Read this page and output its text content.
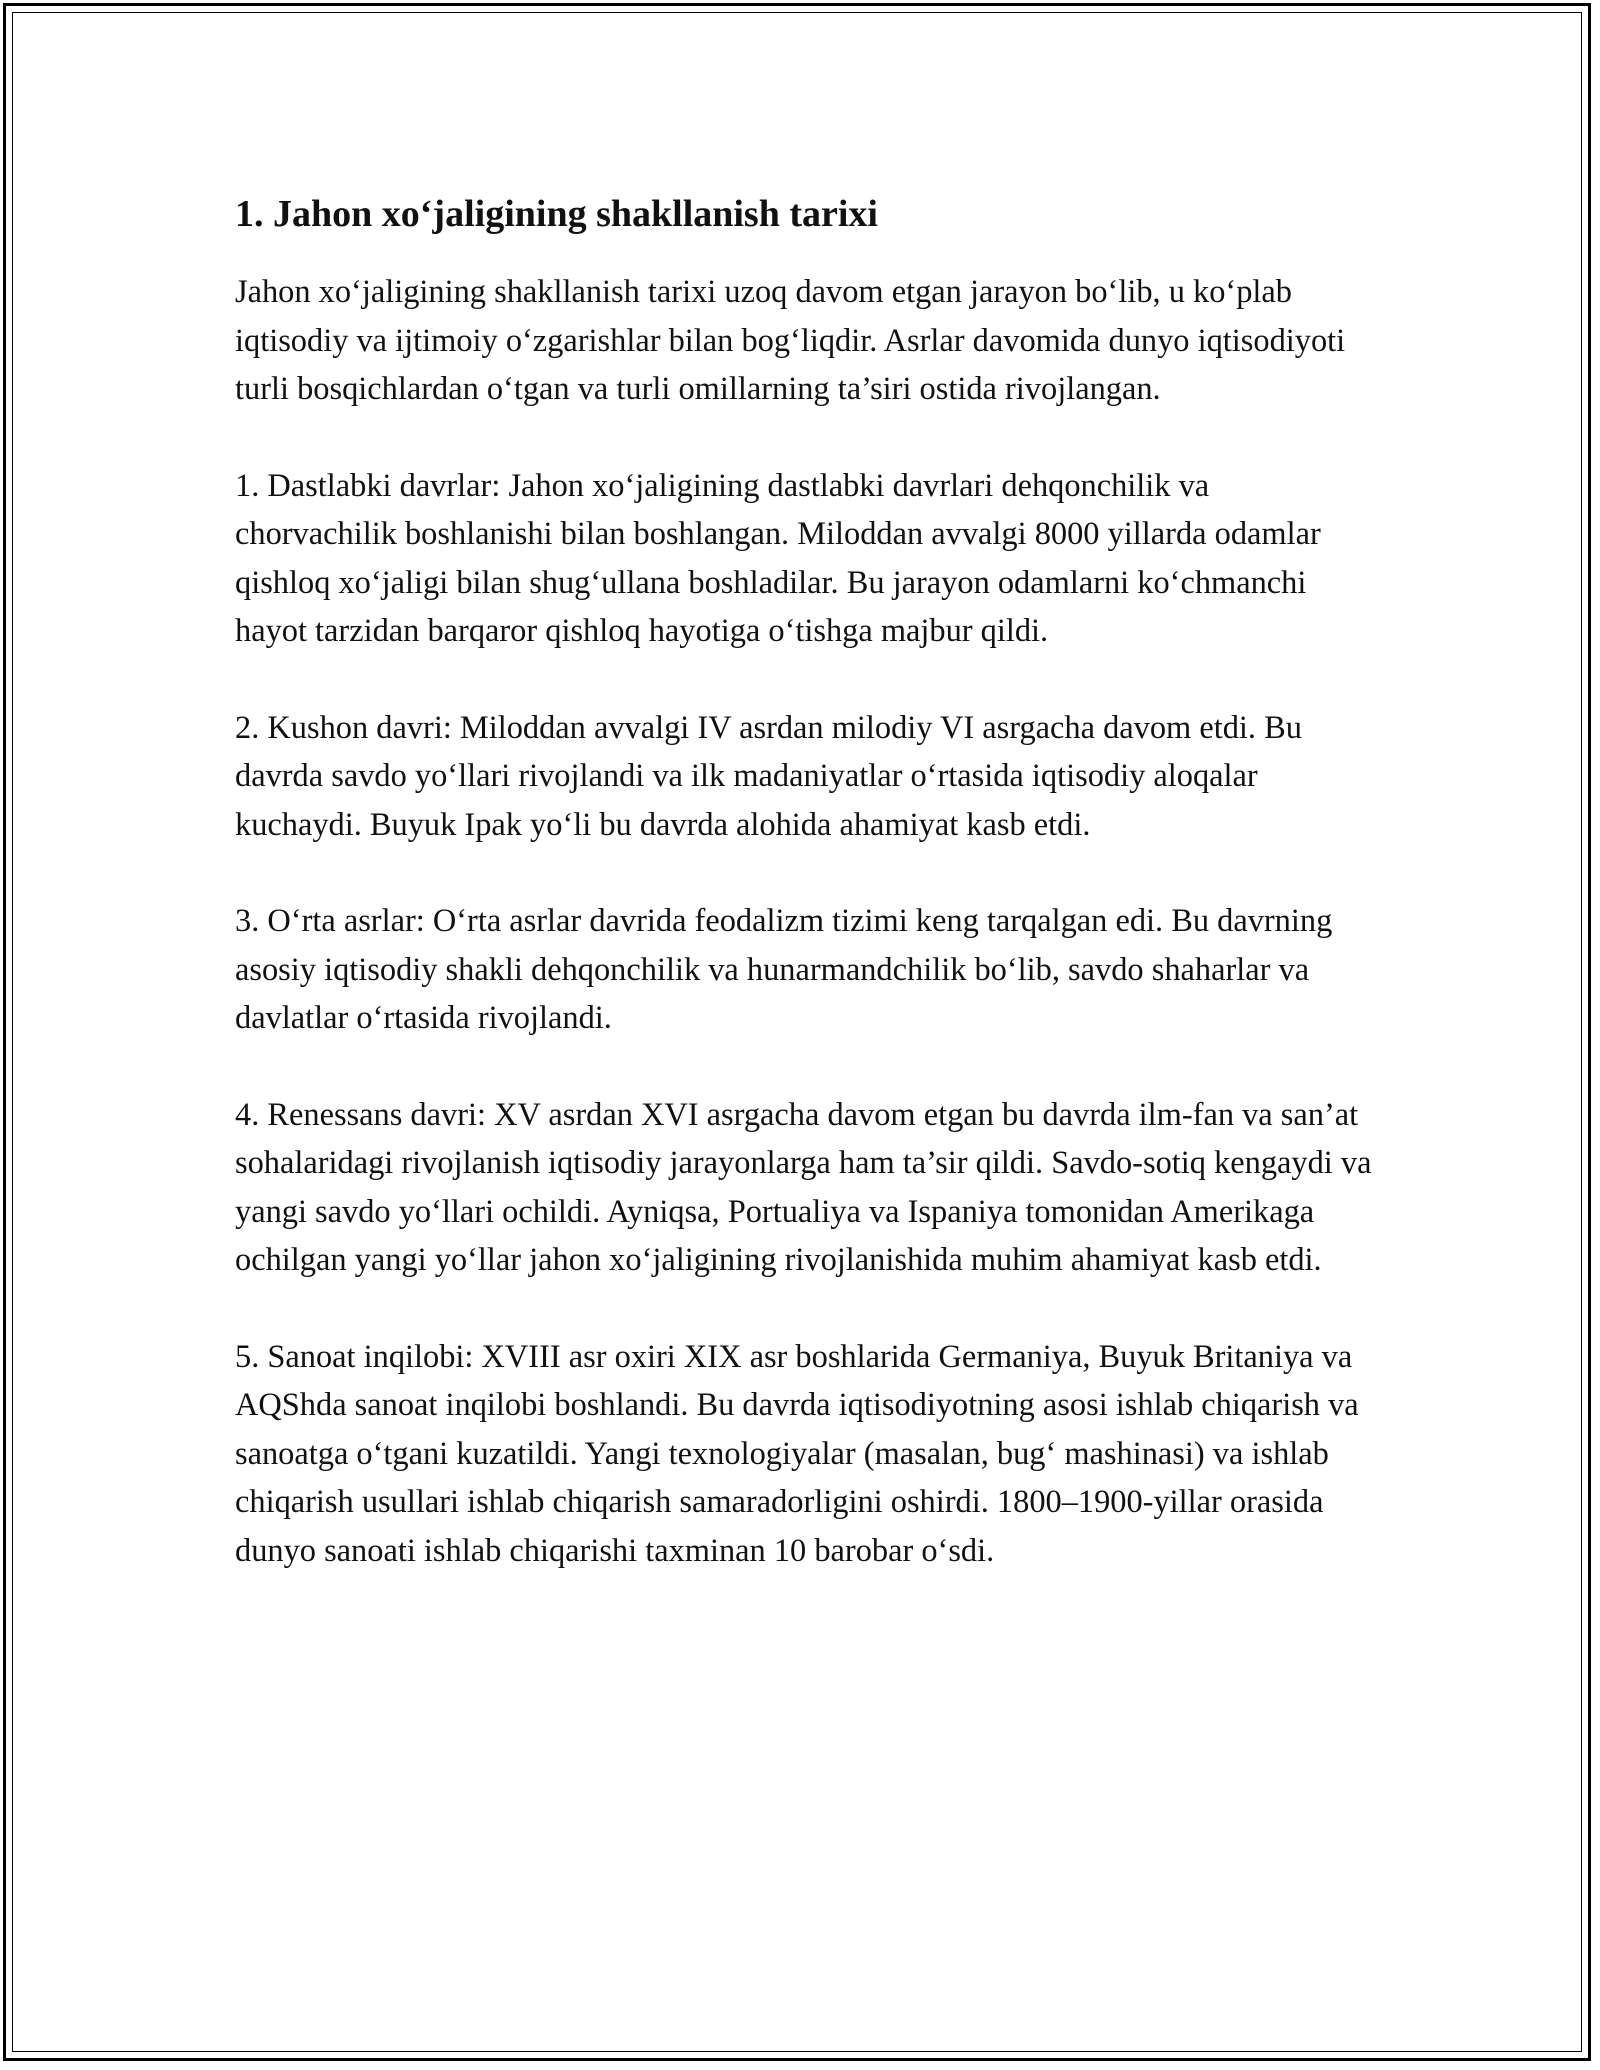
1. Jahon xo‘jaligining shakllanish tarixi

Jahon xo‘jaligining shakllanish tarixi uzoq davom etgan jarayon bo‘lib, u ko‘plab iqtisodiy va ijtimoiy o‘zgarishlar bilan bog‘liqdir. Asrlar davomida dunyo iqtisodiyoti turli bosqichlardan o‘tgan va turli omillarning ta’siri ostida rivojlangan.

1. Dastlabki davrlar: Jahon xo‘jaligining dastlabki davrlari dehqonchilik va chorvachilik boshlanishi bilan boshlangan. Miloddan avvalgi 8000 yillarda odamlar qishloq xo‘jaligi bilan shug‘ullana boshladilar. Bu jarayon odamlarni ko‘chmanchi hayot tarzidan barqaror qishloq hayotiga o‘tishga majbur qildi.

2. Kushon davri: Miloddan avvalgi IV asrdan milodiy VI asrgacha davom etdi. Bu davrda savdo yo‘llari rivojlandi va ilk madaniyatlar o‘rtasida iqtisodiy aloqalar kuchaydi. Buyuk Ipak yo‘li bu davrda alohida ahamiyat kasb etdi.

3. O‘rta asrlar: O‘rta asrlar davrida feodalizm tizimi keng tarqalgan edi. Bu davrning asosiy iqtisodiy shakli dehqonchilik va hunarmandchilik bo‘lib, savdo shaharlar va davlatlar o‘rtasida rivojlandi.

4. Renessans davri: XV asrdan XVI asrgacha davom etgan bu davrda ilm-fan va san’at sohalaridagi rivojlanish iqtisodiy jarayonlarga ham ta’sir qildi. Savdo-sotiq kengaydi va yangi savdo yo‘llari ochildi. Ayniqsa, Portualiya va Ispaniya tomonidan Amerikaga ochilgan yangi yo‘llar jahon xo‘jaligining rivojlanishida muhim ahamiyat kasb etdi.

5. Sanoat inqilobi: XVIII asr oxiri XIX asr boshlarida Germaniya, Buyuk Britaniya va AQShda sanoat inqilobi boshlandi. Bu davrda iqtisodiyotning asosi ishlab chiqarish va sanoatga o‘tgani kuzatildi. Yangi texnologiyalar (masalan, bug‘ mashinasi) va ishlab chiqarish usullari ishlab chiqarish samaradorligini oshirdi. 1800–1900-yillar orasida dunyo sanoati ishlab chiqarishi taxminan 10 barobar o‘sdi.
